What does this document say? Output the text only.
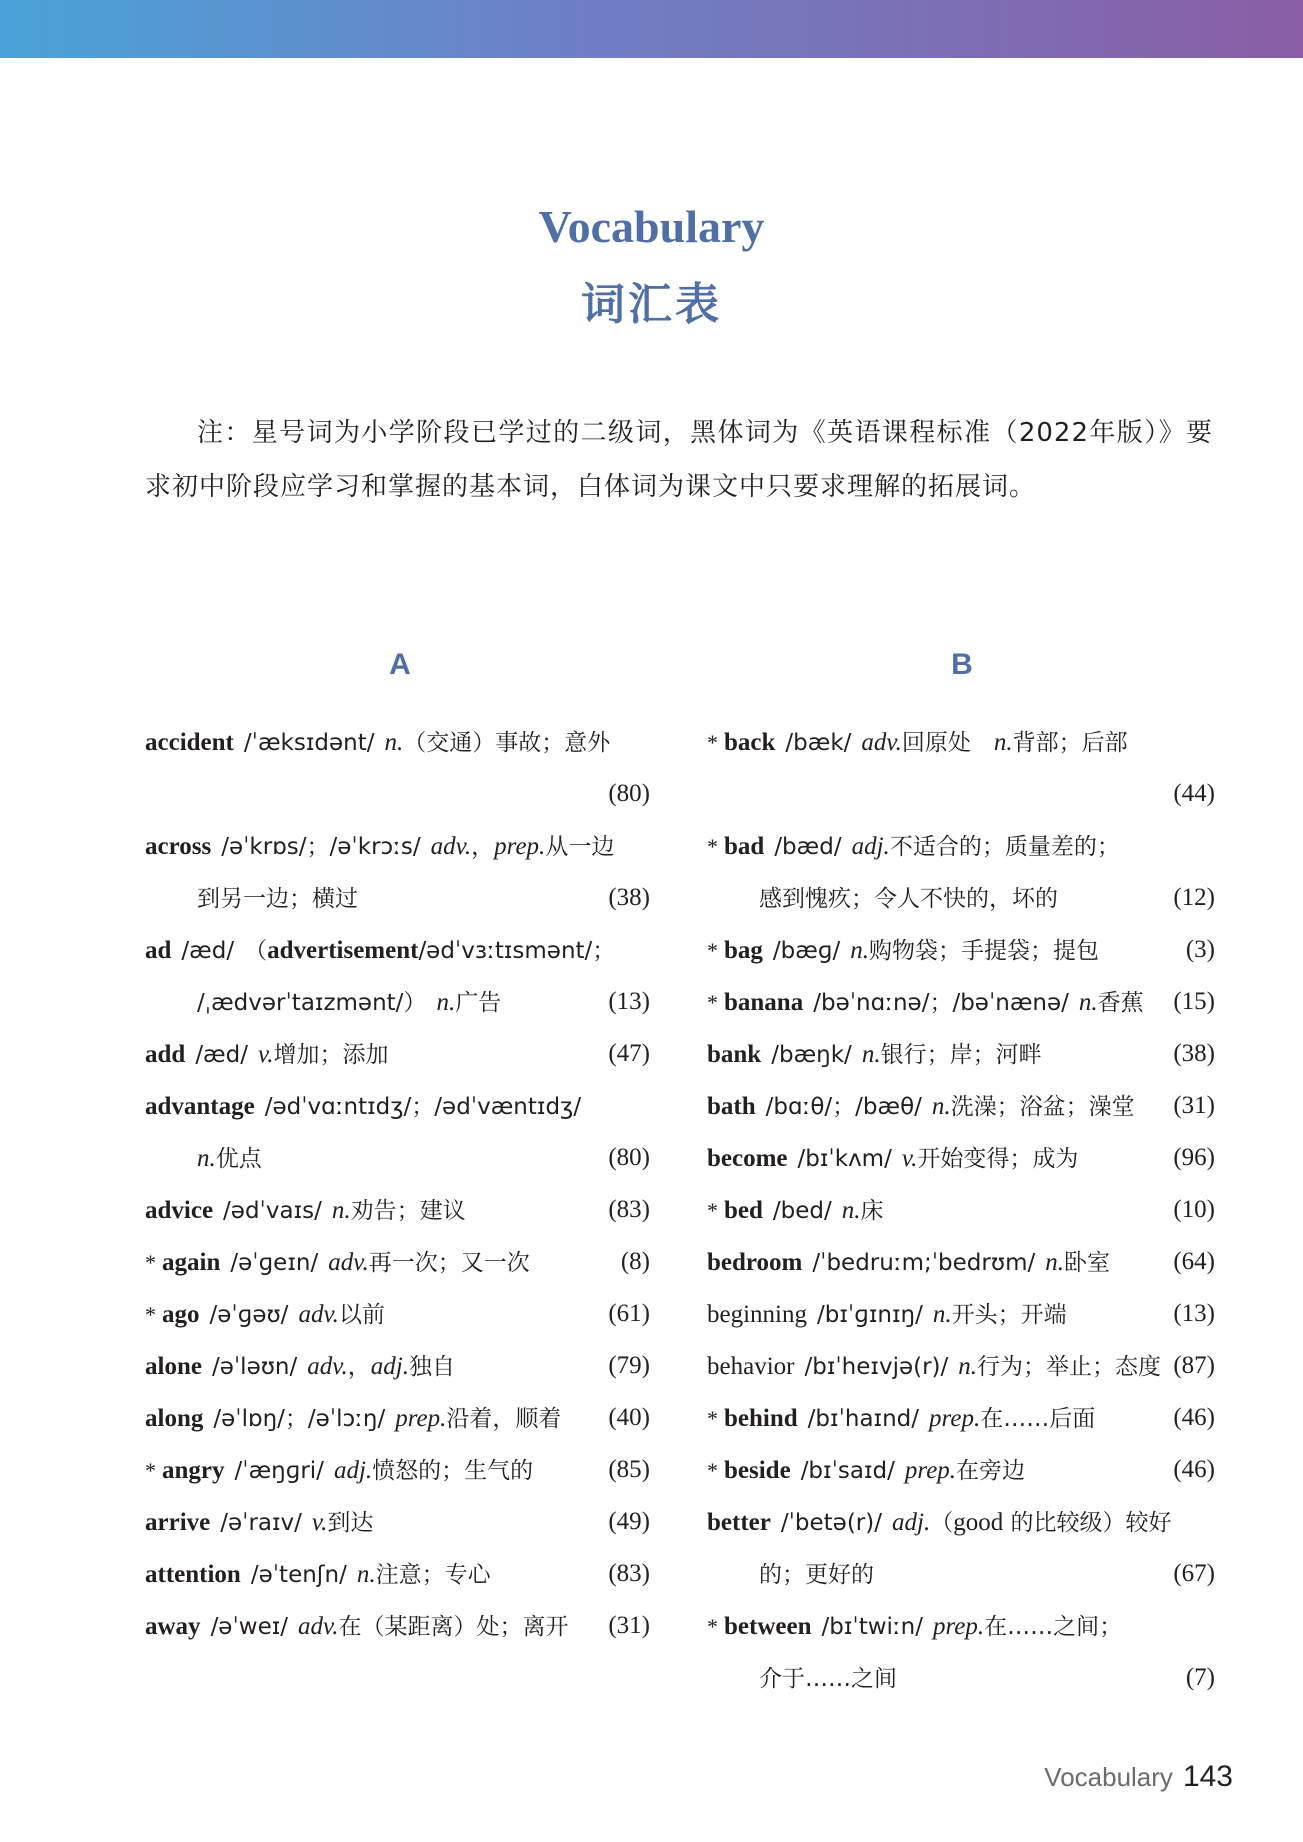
Vocabulary
词汇表
注：星号词为小学阶段已学过的二级词，黑体词为《英语课程标准（2022年版）》要求初中阶段应学习和掌握的基本词，白体词为课文中只要求理解的拓展词。
A	B
accident /ˈæksɪdənt/ n.（交通）事故；意外
(80)
across /əˈkrɒs/；/əˈkrɔːs/ adv.，prep.从一边
到另一边；横过	(38)
ad /æd/ （advertisement/ədˈvɜːtɪsmənt/；
/ˌædvərˈtaɪzmənt/） n.广告	(13)
add /æd/ v.增加；添加	(47)
advantage /ədˈvɑːntɪdʒ/；/ədˈvæntɪdʒ/
n.优点	(80)
advice /ədˈvaɪs/ n.劝告；建议	(83)
* again /əˈɡeɪn/ adv.再一次；又一次	(8)
* ago /əˈɡəʊ/ adv.以前	(61)
alone /əˈləʊn/ adv.，adj.独自	(79)
along /əˈlɒŋ/；/əˈlɔːŋ/ prep.沿着，顺着 (40)
* angry /ˈæŋɡri/ adj.愤怒的；生气的	(85)
arrive /əˈraɪv/ v.到达	(49)
attention /əˈtenʃn/ n.注意；专心	(83)
away /əˈweɪ/ adv.在（某距离）处；离开 (31)
* back /bæk/ adv.回原处　n.背部；后部
(44)
* bad /bæd/ adj.不适合的；质量差的；
感到愧疚；令人不快的，坏的	(12)
* bag /bæɡ/ n.购物袋；手提袋；提包	(3)
* banana /bəˈnɑːnə/；/bəˈnænə/ n.香蕉 (15)
bank /bæŋk/ n.银行；岸；河畔	(38)
bath /bɑːθ/；/bæθ/ n.洗澡；浴盆；澡堂 (31)
become /bɪˈkʌm/ v.开始变得；成为	(96)
* bed /bed/ n.床	(10)
bedroom /ˈbedruːm;ˈbedrʊm/ n.卧室	(64)
beginning /bɪˈɡɪnɪŋ/ n.开头；开端	(13)
behavior /bɪˈheɪvjə(r)/ n.行为；举止；态度 (87)
* behind /bɪˈhaɪnd/ prep.在……后面	(46)
* beside /bɪˈsaɪd/ prep.在旁边	(46)
better /ˈbetə(r)/ adj.（good 的比较级）较好
的；更好的	(67)
* between /bɪˈtwiːn/ prep.在……之间；
介于……之间	(7)
Vocabulary 143
